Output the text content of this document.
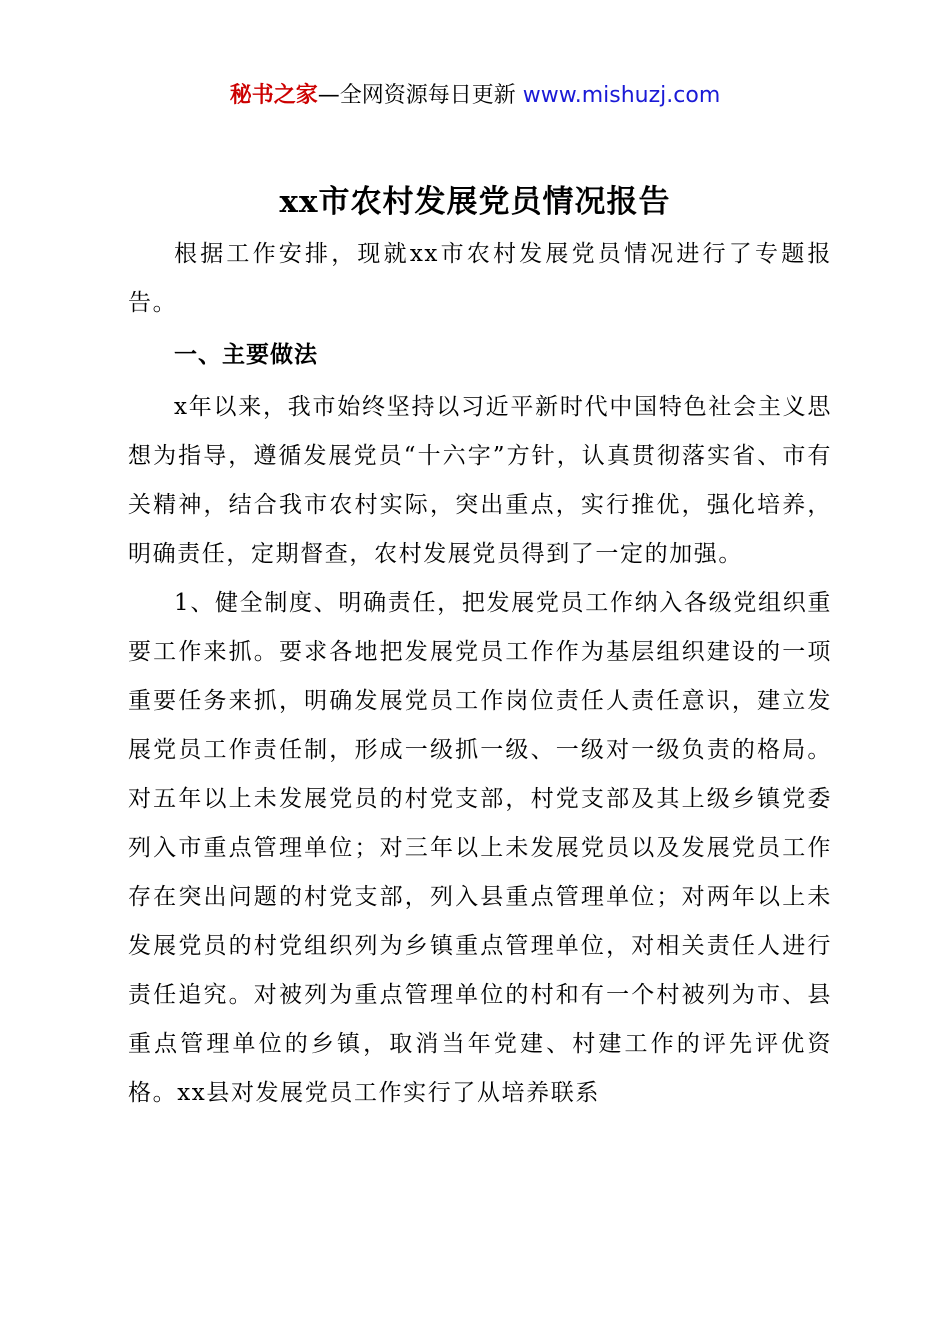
秘书之家—全网资源每日更新 www.mishuzj.com
xx市农村发展党员情况报告

根据工作安排，现就xx市农村发展党员情况进行了专题报告。

一、主要做法

x年以来，我市始终坚持以习近平新时代中国特色社会主义思想为指导，遵循发展党员“十六字”方针，认真贯彻落实省、市有关精神，结合我市农村实际，突出重点，实行推优，强化培养，明确责任，定期督查，农村发展党员得到了一定的加强。

1、健全制度、明确责任，把发展党员工作纳入各级党组织重要工作来抓。要求各地把发展党员工作作为基层组织建设的一项重要任务来抓，明确发展党员工作岗位责任人责任意识，建立发展党员工作责任制，形成一级抓一级、一级对一级负责的格局。对五年以上未发展党员的村党支部，村党支部及其上级乡镇党委列入市重点管理单位；对三年以上未发展党员以及发展党员工作存在突出问题的村党支部，列入县重点管理单位；对两年以上未发展党员的村党组织列为乡镇重点管理单位，对相关责任人进行责任追究。对被列为重点管理单位的村和有一个村被列为市、县重点管理单位的乡镇，取消当年党建、村建工作的评先评优资格。xx县对发展党员工作实行了从培养联系
